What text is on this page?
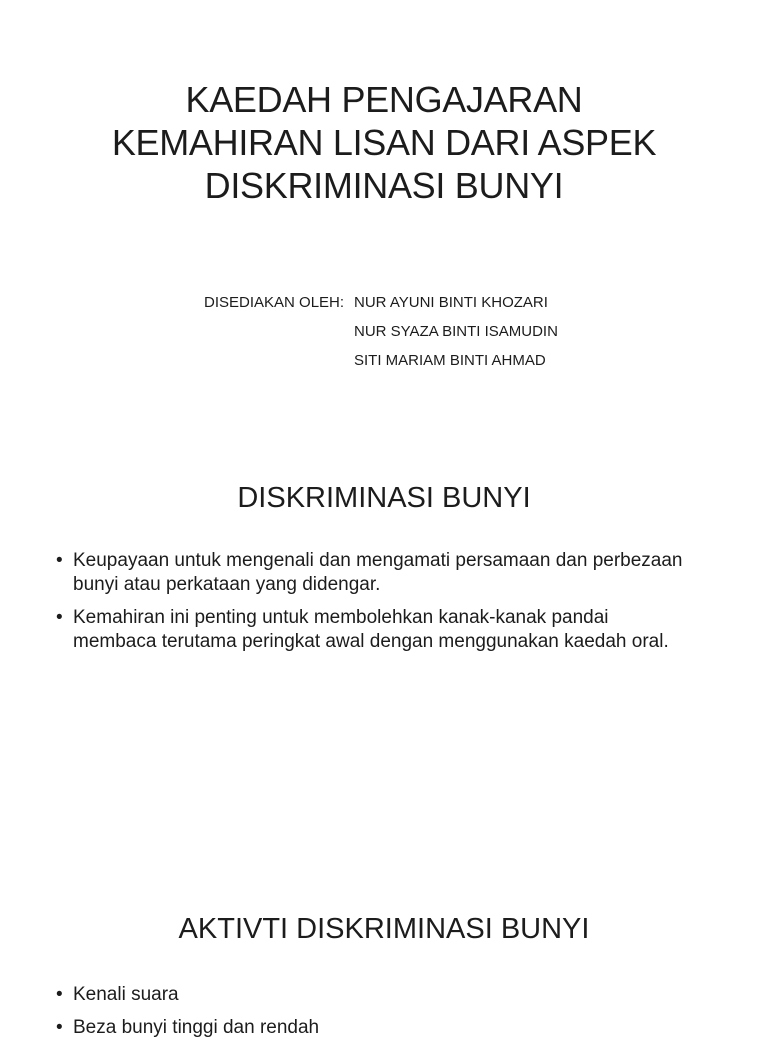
KAEDAH PENGAJARAN
KEMAHIRAN LISAN DARI ASPEK
DISKRIMINASI BUNYI
DISEDIAKAN OLEH: NUR AYUNI BINTI KHOZARI
NUR SYAZA BINTI ISAMUDIN
SITI MARIAM BINTI AHMAD
DISKRIMINASI BUNYI
• Keupayaan untuk mengenali dan mengamati persamaan dan perbezaan bunyi atau perkataan yang didengar.
• Kemahiran ini penting untuk membolehkan kanak-kanak pandai membaca terutama peringkat awal dengan menggunakan kaedah oral.
AKTIVTI DISKRIMINASI BUNYI
• Kenali suara
• Beza bunyi tinggi dan rendah
